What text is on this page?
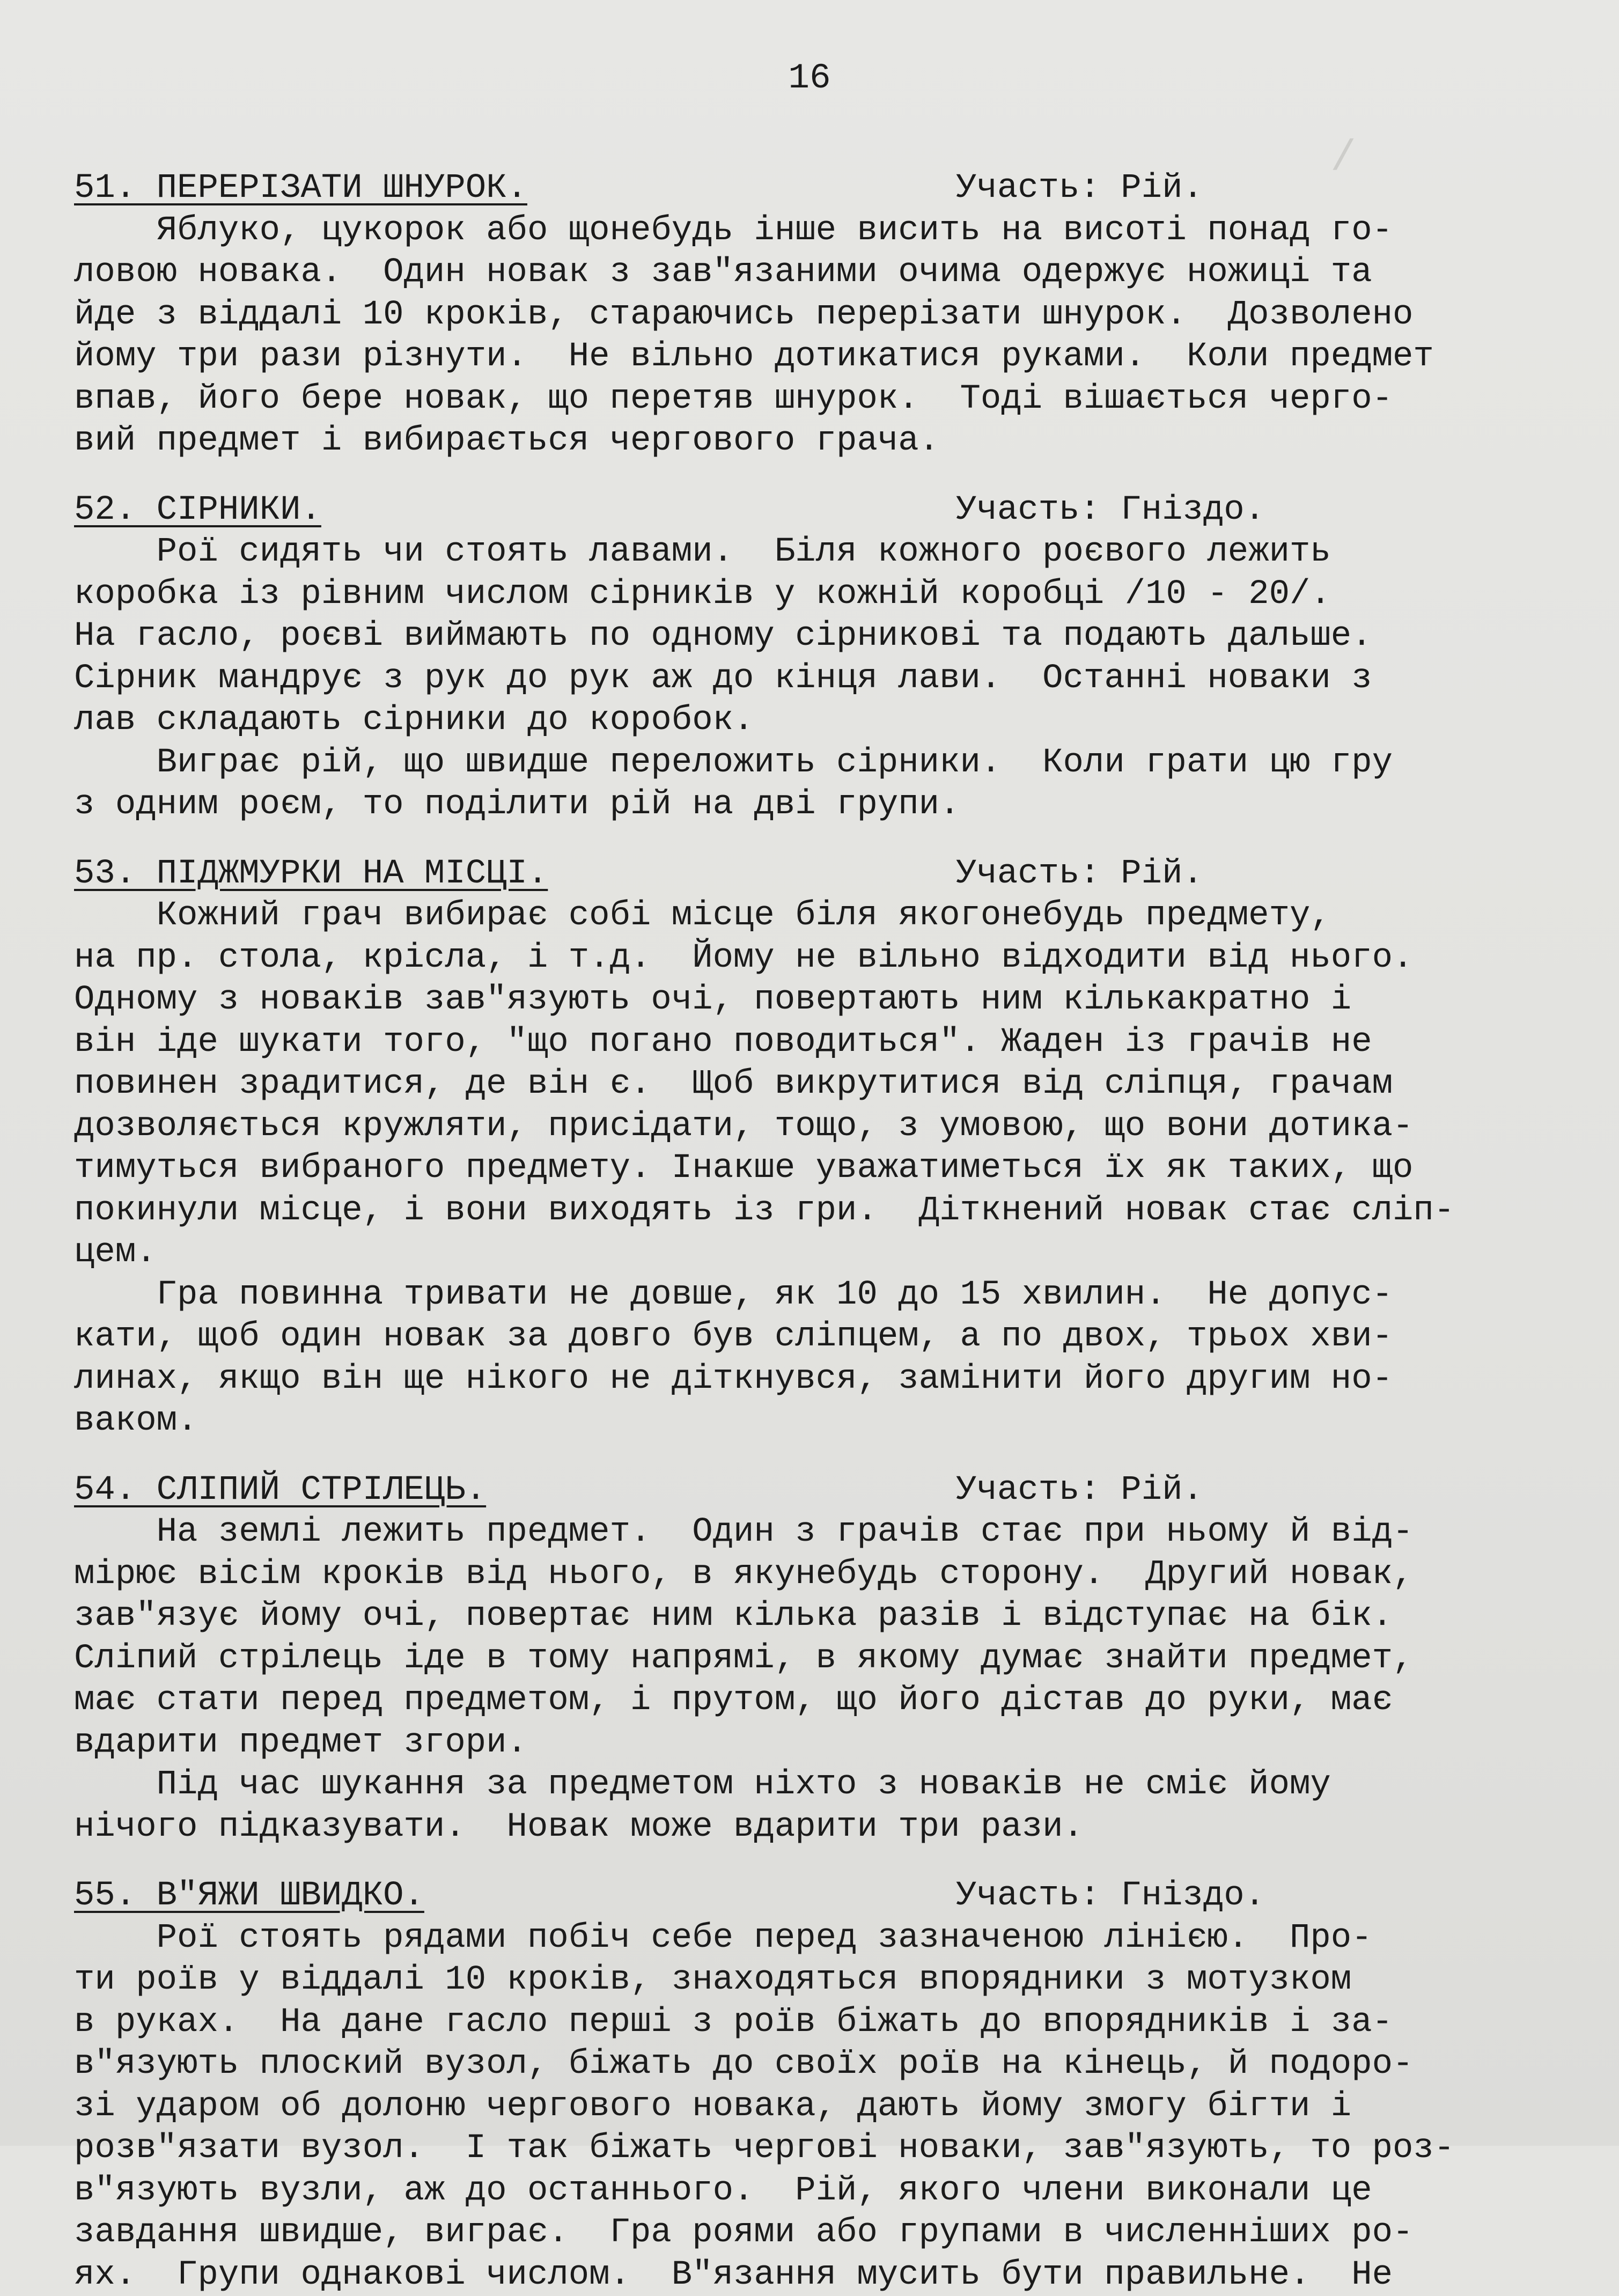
/
16
51. ПЕРЕРІЗАТИ ШНУРОК.	Участь: Рій.
Яблуко, цукорок або щонебудь інше висить на висоті понад го-
ловою новака.  Один новак з зав"язаними очима одержує ножиці та
йде з віддалі 10 кроків, стараючись перерізати шнурок.  Дозволено
йому три рази різнути.  Не вільно дотикатися руками.  Коли предмет
впав, його бере новак, що перетяв шнурок.  Тоді вішається черго-
вий предмет і вибирається чергового грача.
52. СІРНИКИ.	Участь: Гніздо.
Рої сидять чи стоять лавами.  Біля кожного роєвого лежить
коробка із рівним числом сірників у кожній коробці /10 - 20/.
На гасло, роєві виймають по одному сірникові та подають дальше.
Сірник мандрує з рук до рук аж до кінця лави.  Останні новаки з
лав складають сірники до коробок.
Виграє рій, що швидше переложить сірники.  Коли грати цю гру
з одним роєм, то поділити рій на дві групи.
53. ПІДЖМУРКИ НА МІСЦІ.	Участь: Рій.
Кожний грач вибирає собі місце біля якогонебудь предмету,
на пр. стола, крісла, і т.д.  Йому не вільно відходити від нього.
Одному з новаків зав"язують очі, повертають ним кількакратно і
він іде шукати того, "що погано поводиться". Жаден із грачів не
повинен зрадитися, де він є.  Щоб викрутитися від сліпця, грачам
дозволяється кружляти, присідати, тощо, з умовою, що вони дотика-
тимуться вибраного предмету. Інакше уважатиметься їх як таких, що
покинули місце, і вони виходять із гри.  Діткнений новак стає сліп-
цем.
Гра повинна тривати не довше, як 10 до 15 хвилин.  Не допус-
кати, щоб один новак за довго був сліпцем, а по двох, трьох хви-
линах, якщо він ще нікого не діткнувся, замінити його другим но-
ваком.
54. СЛІПИЙ СТРІЛЕЦЬ.	Участь: Рій.
На землі лежить предмет.  Один з грачів стає при ньому й від-
мірює вісім кроків від нього, в якунебудь сторону.  Другий новак,
зав"язує йому очі, повертає ним кілька разів і відступає на бік.
Сліпий стрілець іде в тому напрямі, в якому думає знайти предмет,
має стати перед предметом, і прутом, що його дістав до руки, має
вдарити предмет згори.
Під час шукання за предметом ніхто з новаків не сміє йому
нічого підказувати.  Новак може вдарити три рази.
55. В"ЯЖИ ШВИДКО.	Участь: Гніздо.
Рої стоять рядами побіч себе перед зазначеною лінією.  Про-
ти роїв у віддалі 10 кроків, знаходяться впорядники з мотузком
в руках.  На дане гасло перші з роїв біжать до впорядників і за-
в"язують плоский вузол, біжать до своїх роїв на кінець, й подоро-
зі ударом об долоню чергового новака, дають йому змогу бігти і
розв"язати вузол.  І так біжать чергові новаки, зав"язують, то роз-
в"язують вузли, аж до останнього.  Рій, якого члени виконали це
завдання швидше, виграє.  Гра роями або групами в численніших ро-
ях.  Групи однакові числом.  В"язання мусить бути правильне.  Не
